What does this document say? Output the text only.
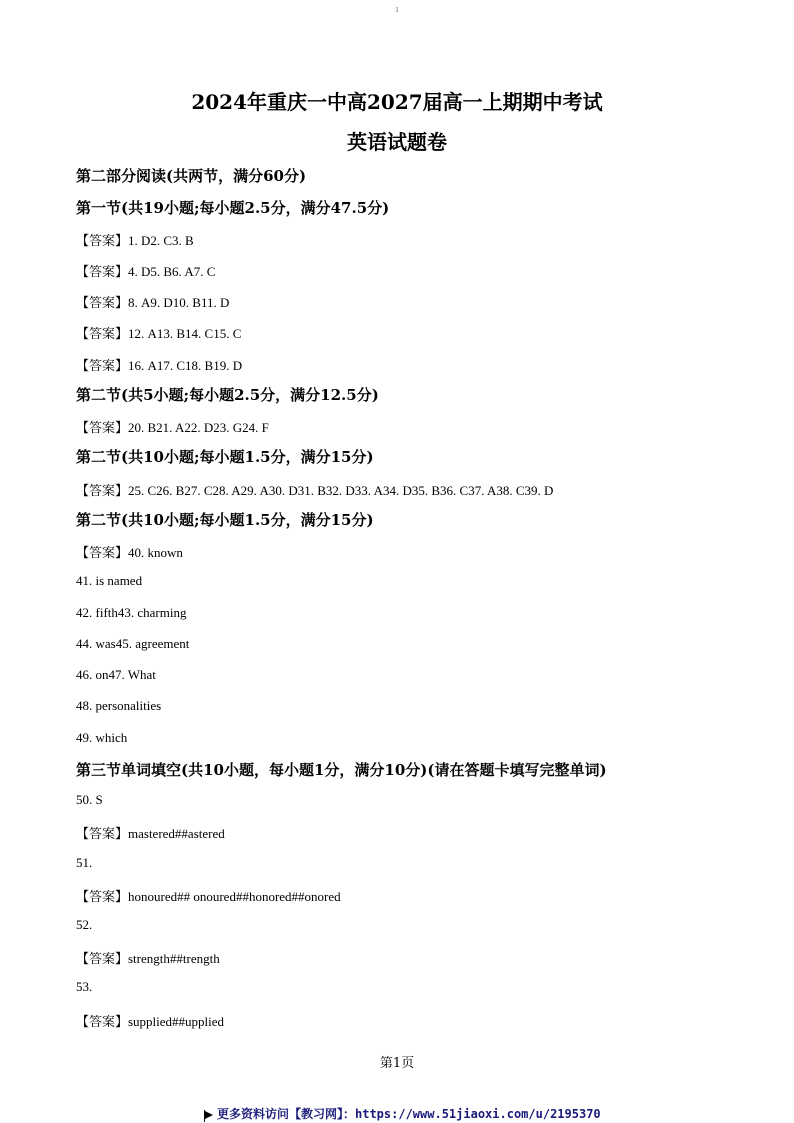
1
2024年重庆一中高2027届高一上期期中考试
英语试题卷
第二部分阅读(共两节，满分60分)
第一节(共19小题;每小题2.5分，满分47.5分)
【答案】1. D2. C3. B
【答案】4. D5. B6. A7. C
【答案】8. A9. D10. B11. D
【答案】12. A13. B14. C15. C
【答案】16. A17. C18. B19. D
第二节(共5小题;每小题2.5分，满分12.5分)
【答案】20. B21. A22. D23. G24. F
第二节(共10小题;每小题1.5分，满分15分)
【答案】25. C26. B27. C28. A29. A30. D31. B32. D33. A34. D35. B36. C37. A38. C39. D
第二节(共10小题;每小题1.5分，满分15分)
【答案】40. known
41. is named
42. fifth43. charming
44. was45. agreement
46. on47. What
48. personalities
49. which
第三节单词填空(共10小题，每小题1分，满分10分)(请在答题卡填写完整单词)
50. S
【答案】mastered##astered
51.
【答案】honoured## onoured##honored##onored
52.
【答案】strength##trength
53.
【答案】supplied##upplied
第1页
更多资料访问【教习网】：https://www.51jiaoxi.com/u/2195370
